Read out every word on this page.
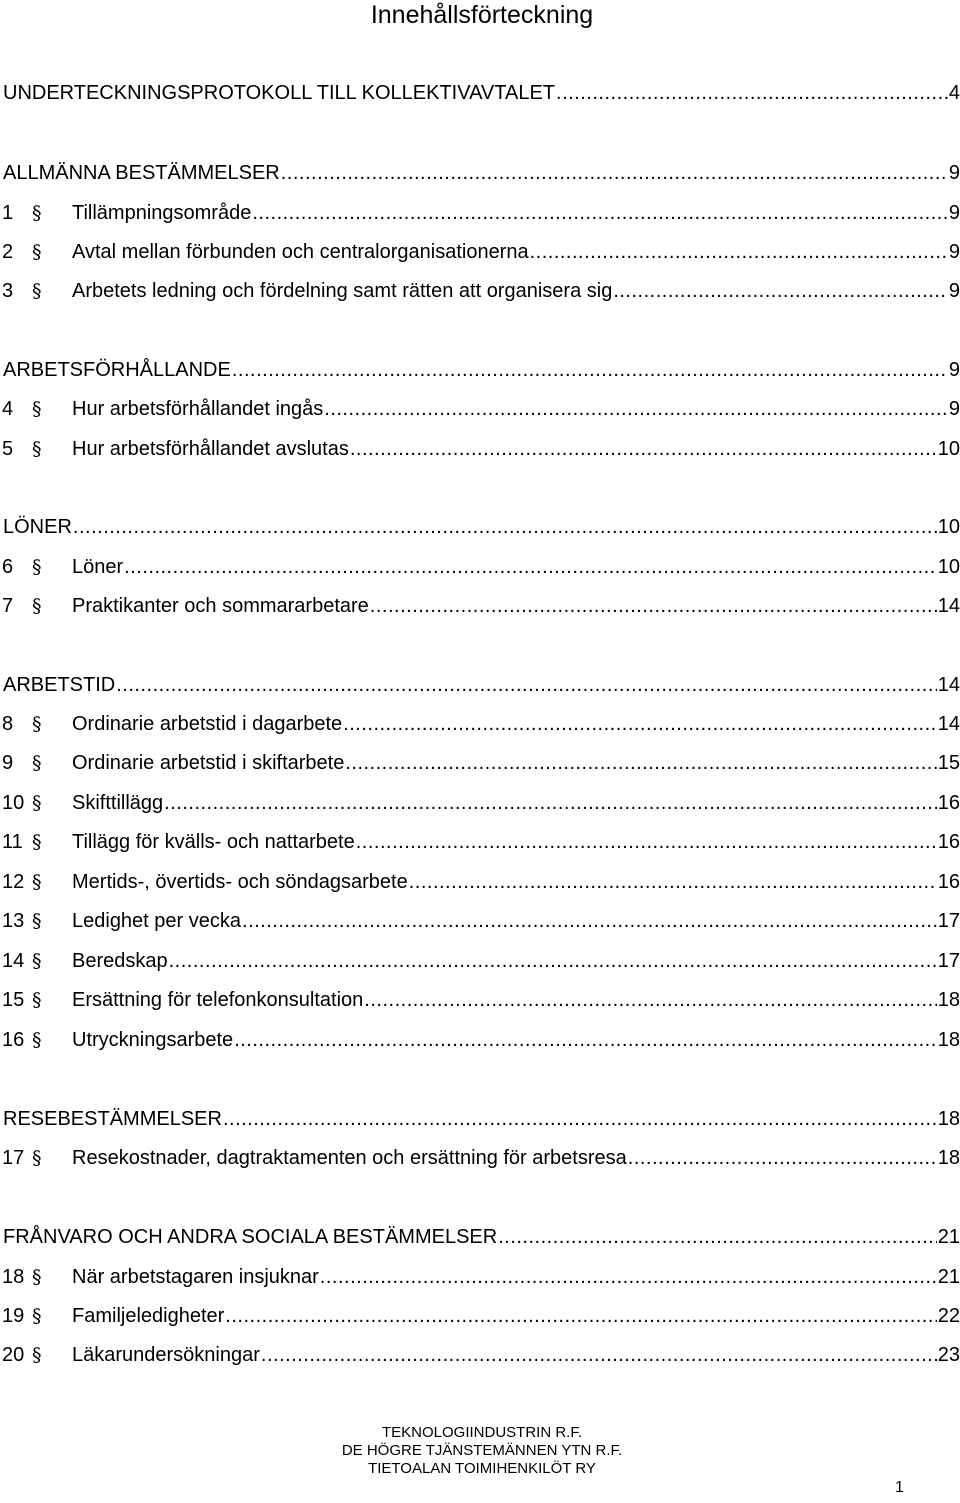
Innehållsförteckning
UNDERTECKNINGSPROTOKOLL TILL KOLLEKTIVAVTALET .....	4
ALLMÄNNA BESTÄMMELSER .....	9
1 §	Tillämpningsområde .....	9
2 §	Avtal mellan förbunden och centralorganisationerna .....	9
3 §	Arbetets ledning och fördelning samt rätten att organisera sig .....	9
ARBETSFÖRHÅLLANDE .....	9
4 §	Hur arbetsförhållandet ingås .....	9
5 §	Hur arbetsförhållandet avslutas .....	10
LÖNER .....	10
6 §	Löner .....	10
7 §	Praktikanter och sommararbetare .....	14
ARBETSTID .....	14
8 §	Ordinarie arbetstid i dagarbete .....	14
9 §	Ordinarie arbetstid i skiftarbete .....	15
10 §	Skifttillägg .....	16
11 §	Tillägg för kvälls- och nattarbete .....	16
12 §	Mertids-, övertids- och söndagsarbete .....	16
13 §	Ledighet per vecka .....	17
14 §	Beredskap .....	17
15 §	Ersättning för telefonkonsultation .....	18
16 §	Utryckningsarbete .....	18
RESEBESTÄMMELSER .....	18
17 §	Resekostnader, dagtraktamenten och ersättning för arbetsresa .....	18
FRÅNVARO OCH ANDRA SOCIALA BESTÄMMELSER .....	21
18 §	När arbetstagaren insjuknar .....	21
19 §	Familjeledigheter .....	22
20 §	Läkarundersökningar .....	23
TEKNOLOGIINDUSTRIN R.F.
DE HÖGRE TJÄNSTEMÄNNEN YTN R.F.
TIETOALAN TOIMIHENKILÖT RY
1
